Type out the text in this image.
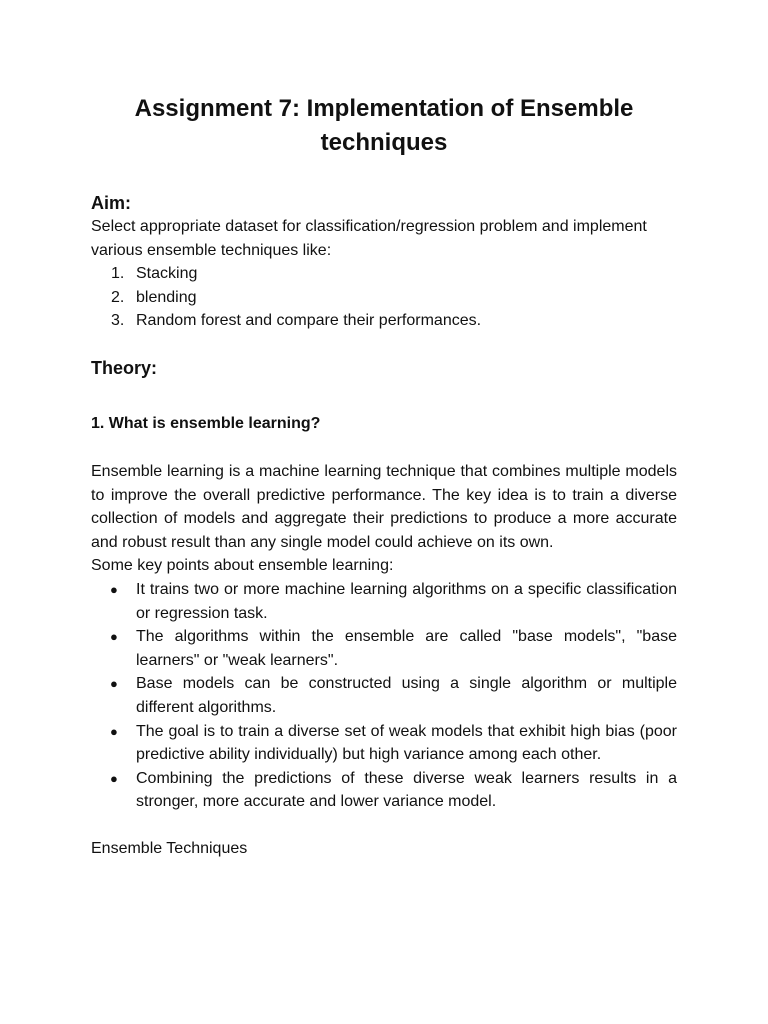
Assignment 7: Implementation of Ensemble techniques
Aim:

Select appropriate dataset for classification/regression problem and implement various ensemble techniques like:

1. Stacking
2. blending
3. Random forest and compare their performances.
Theory:
1. What is ensemble learning?

Ensemble learning is a machine learning technique that combines multiple models to improve the overall predictive performance. The key idea is to train a diverse collection of models and aggregate their predictions to produce a more accurate and robust result than any single model could achieve on its own.

Some key points about ensemble learning:

● It trains two or more machine learning algorithms on a specific classification or regression task.
● The algorithms within the ensemble are called "base models", "base learners" or "weak learners".
● Base models can be constructed using a single algorithm or multiple different algorithms.
● The goal is to train a diverse set of weak models that exhibit high bias (poor predictive ability individually) but high variance among each other.
● Combining the predictions of these diverse weak learners results in a stronger, more accurate and lower variance model.

Ensemble Techniques
